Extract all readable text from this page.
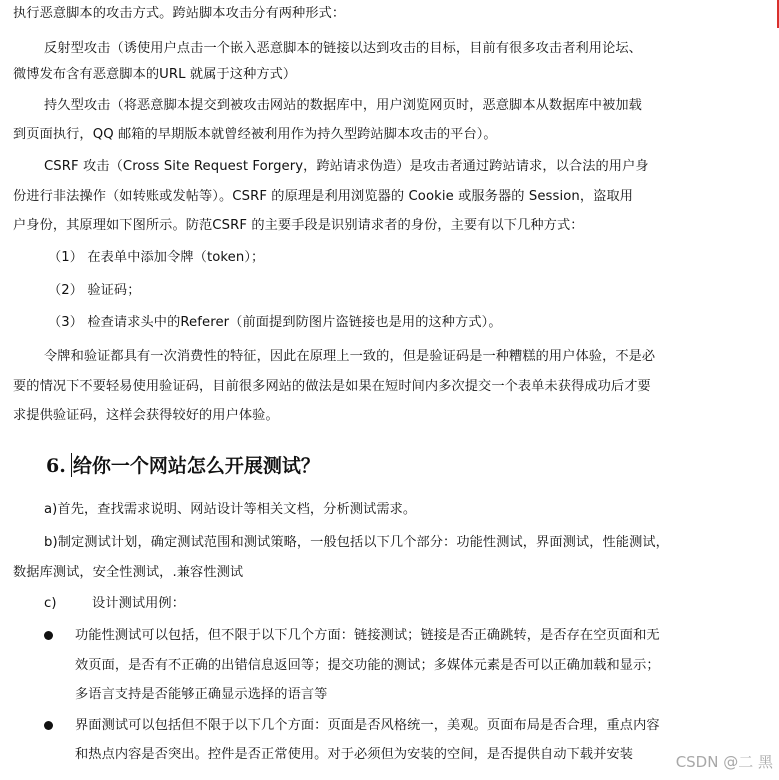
执行恶意脚本的攻击方式。跨站脚本攻击分有两种形式：
反射型攻击（诱使用户点击一个嵌入恶意脚本的链接以达到攻击的目标，目前有很多攻击者利用论坛、
微博发布含有恶意脚本的URL 就属于这种方式）
持久型攻击（将恶意脚本提交到被攻击网站的数据库中，用户浏览网页时，恶意脚本从数据库中被加载
到页面执行，QQ 邮箱的早期版本就曾经被利用作为持久型跨站脚本攻击的平台）。
CSRF 攻击（Cross Site Request Forgery，跨站请求伪造）是攻击者通过跨站请求，以合法的用户身
份进行非法操作（如转账或发帖等）。CSRF 的原理是利用浏览器的 Cookie 或服务器的 Session，盗取用
户身份，其原理如下图所示。防范CSRF 的主要手段是识别请求者的身份，主要有以下几种方式：
（1） 在表单中添加令牌（token）；
（2） 验证码；
（3） 检查请求头中的Referer（前面提到防图片盗链接也是用的这种方式）。
令牌和验证都具有一次消费性的特征，因此在原理上一致的，但是验证码是一种糟糕的用户体验，不是必
要的情况下不要轻易使用验证码，目前很多网站的做法是如果在短时间内多次提交一个表单未获得成功后才要
求提供验证码，这样会获得较好的用户体验。
6. 给你一个网站怎么开展测试？
a)首先，查找需求说明、网站设计等相关文档，分析测试需求。
b)制定测试计划，确定测试范围和测试策略，一般包括以下几个部分：功能性测试，界面测试，性能测试，
数据库测试，安全性测试，.兼容性测试
c)	设计测试用例：
功能性测试可以包括，但不限于以下几个方面：链接测试；链接是否正确跳转，是否存在空页面和无
效页面，是否有不正确的出错信息返回等；提交功能的测试；多媒体元素是否可以正确加载和显示；
多语言支持是否能够正确显示选择的语言等
界面测试可以包括但不限于以下几个方面：页面是否风格统一，美观。页面布局是否合理，重点内容
和热点内容是否突出。控件是否正常使用。对于必须但为安装的空间，是否提供自动下载并安装	CSDN @二 黑
